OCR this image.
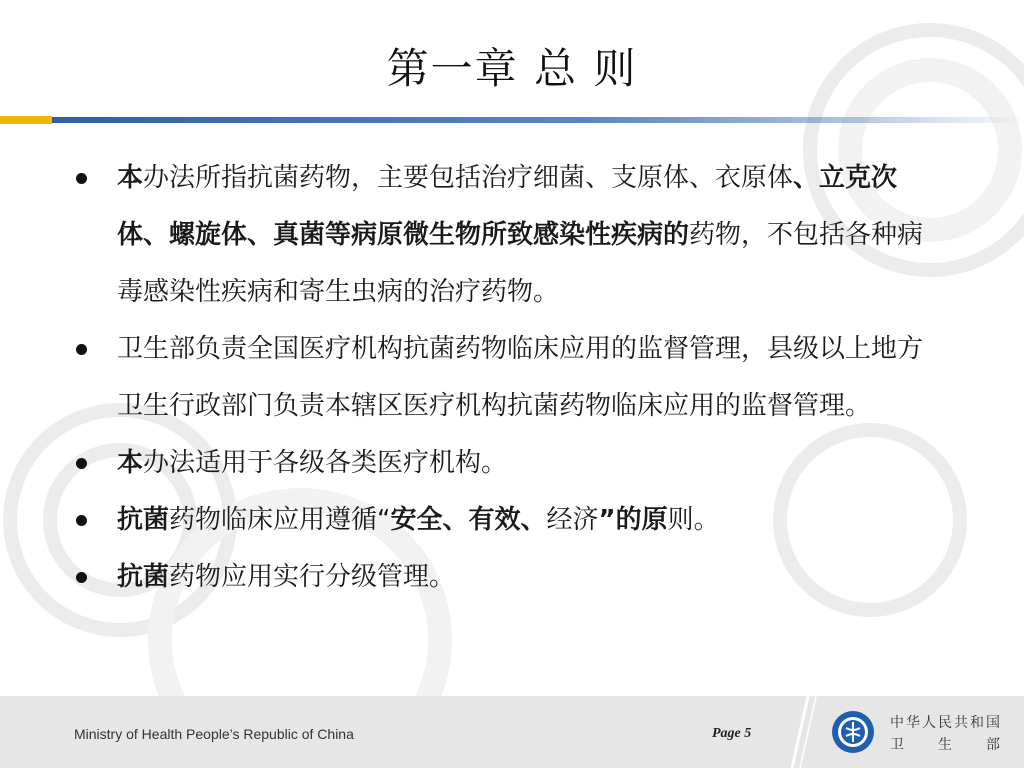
第一章 总 则
本办法所指抗菌药物，主要包括治疗细菌、支原体、衣原体、立克次体、螺旋体、真菌等病原微生物所致感染性疾病的药物，不包括各种病毒感染性疾病和寄生虫病的治疗药物。
卫生部负责全国医疗机构抗菌药物临床应用的监督管理，县级以上地方卫生行政部门负责本辖区医疗机构抗菌药物临床应用的监督管理。
本办法适用于各级各类医疗机构。
抗菌药物临床应用遵循“安全、有效、经济”的原则。
抗菌药物应用实行分级管理。
Ministry of Health People’s Republic of China	Page 5
中华人民共和国
卫 生 部
